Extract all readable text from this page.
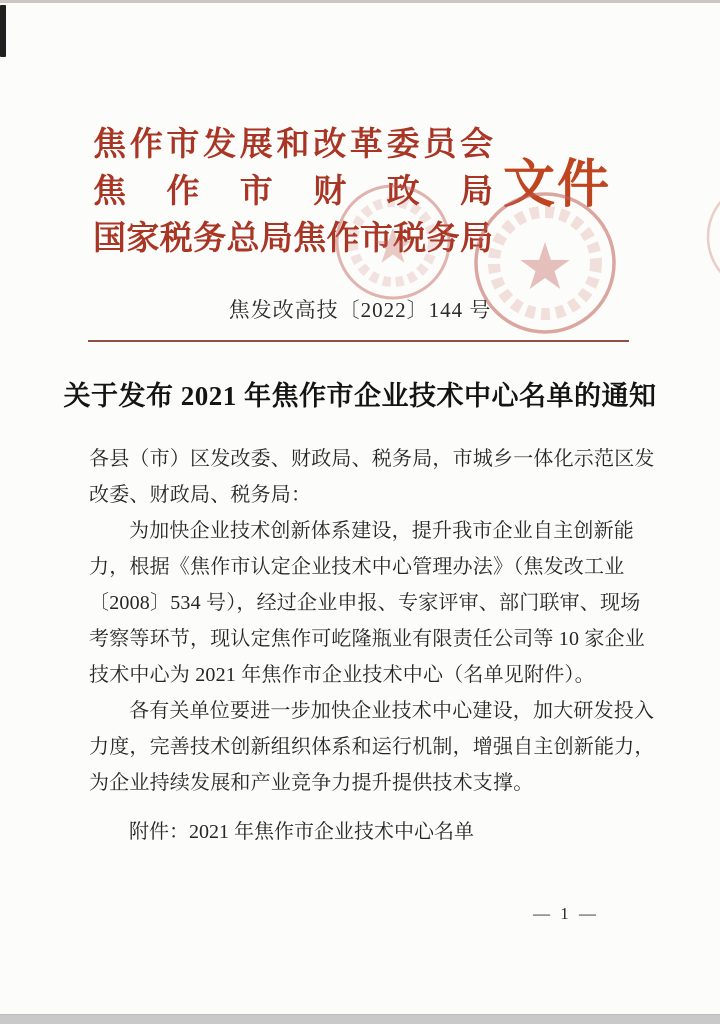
焦作市发展和改革委员会
焦作市财政局
国家税务总局焦作市税务局
文件
焦发改高技〔2022〕144 号
关于发布 2021 年焦作市企业技术中心名单的通知
各县（市）区发改委、财政局、税务局，市城乡一体化示范区发
改委、财政局、税务局：
为加快企业技术创新体系建设，提升我市企业自主创新能
力，根据《焦作市认定企业技术中心管理办法》（焦发改工业
〔2008〕534 号），经过企业申报、专家评审、部门联审、现场
考察等环节，现认定焦作可屹隆瓶业有限责任公司等 10 家企业
技术中心为 2021 年焦作市企业技术中心（名单见附件）。
各有关单位要进一步加快企业技术中心建设，加大研发投入
力度，完善技术创新组织体系和运行机制，增强自主创新能力，
为企业持续发展和产业竞争力提升提供技术支撑。
附件：2021 年焦作市企业技术中心名单
— 1 —
